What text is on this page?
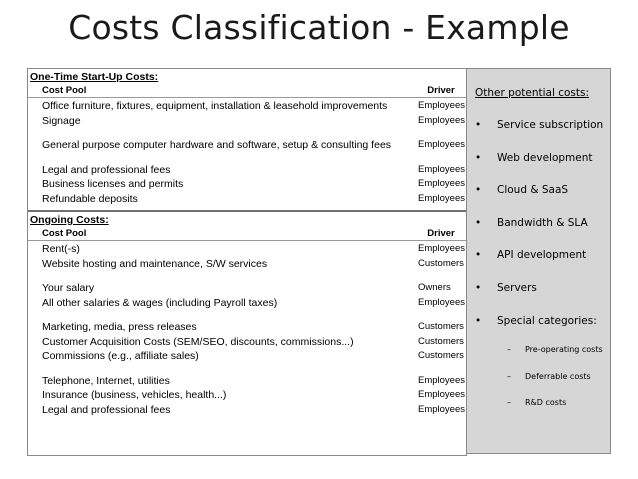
Costs Classification - Example
One-Time Start-Up Costs:
Cost Pool	Driver
Office furniture, fixtures, equipment, installation & leasehold improvements	Employees
Signage	Employees
General purpose computer hardware and software, setup & consulting fees	Employees
Legal and professional fees	Employees
Business licenses and permits	Employees
Refundable deposits	Employees
Ongoing Costs:
Cost Pool	Driver
Rent(-s)	Employees
Website hosting and maintenance, S/W services	Customers
Your salary	Owners
All other salaries & wages (including Payroll taxes)	Employees
Marketing, media, press releases	Customers
Customer Acquisition Costs (SEM/SEO, discounts, commissions...)	Customers
Commissions (e.g., affiliate sales)	Customers
Telephone, Internet, utilities	Employees
Insurance (business, vehicles, health...)	Employees
Legal and professional fees	Employees
Other potential costs:
• Service subscription
• Web development
• Cloud & SaaS
• Bandwidth & SLA
• API development
• Servers
• Special categories:
– Pre-operating costs
– Deferrable costs
– R&D costs
